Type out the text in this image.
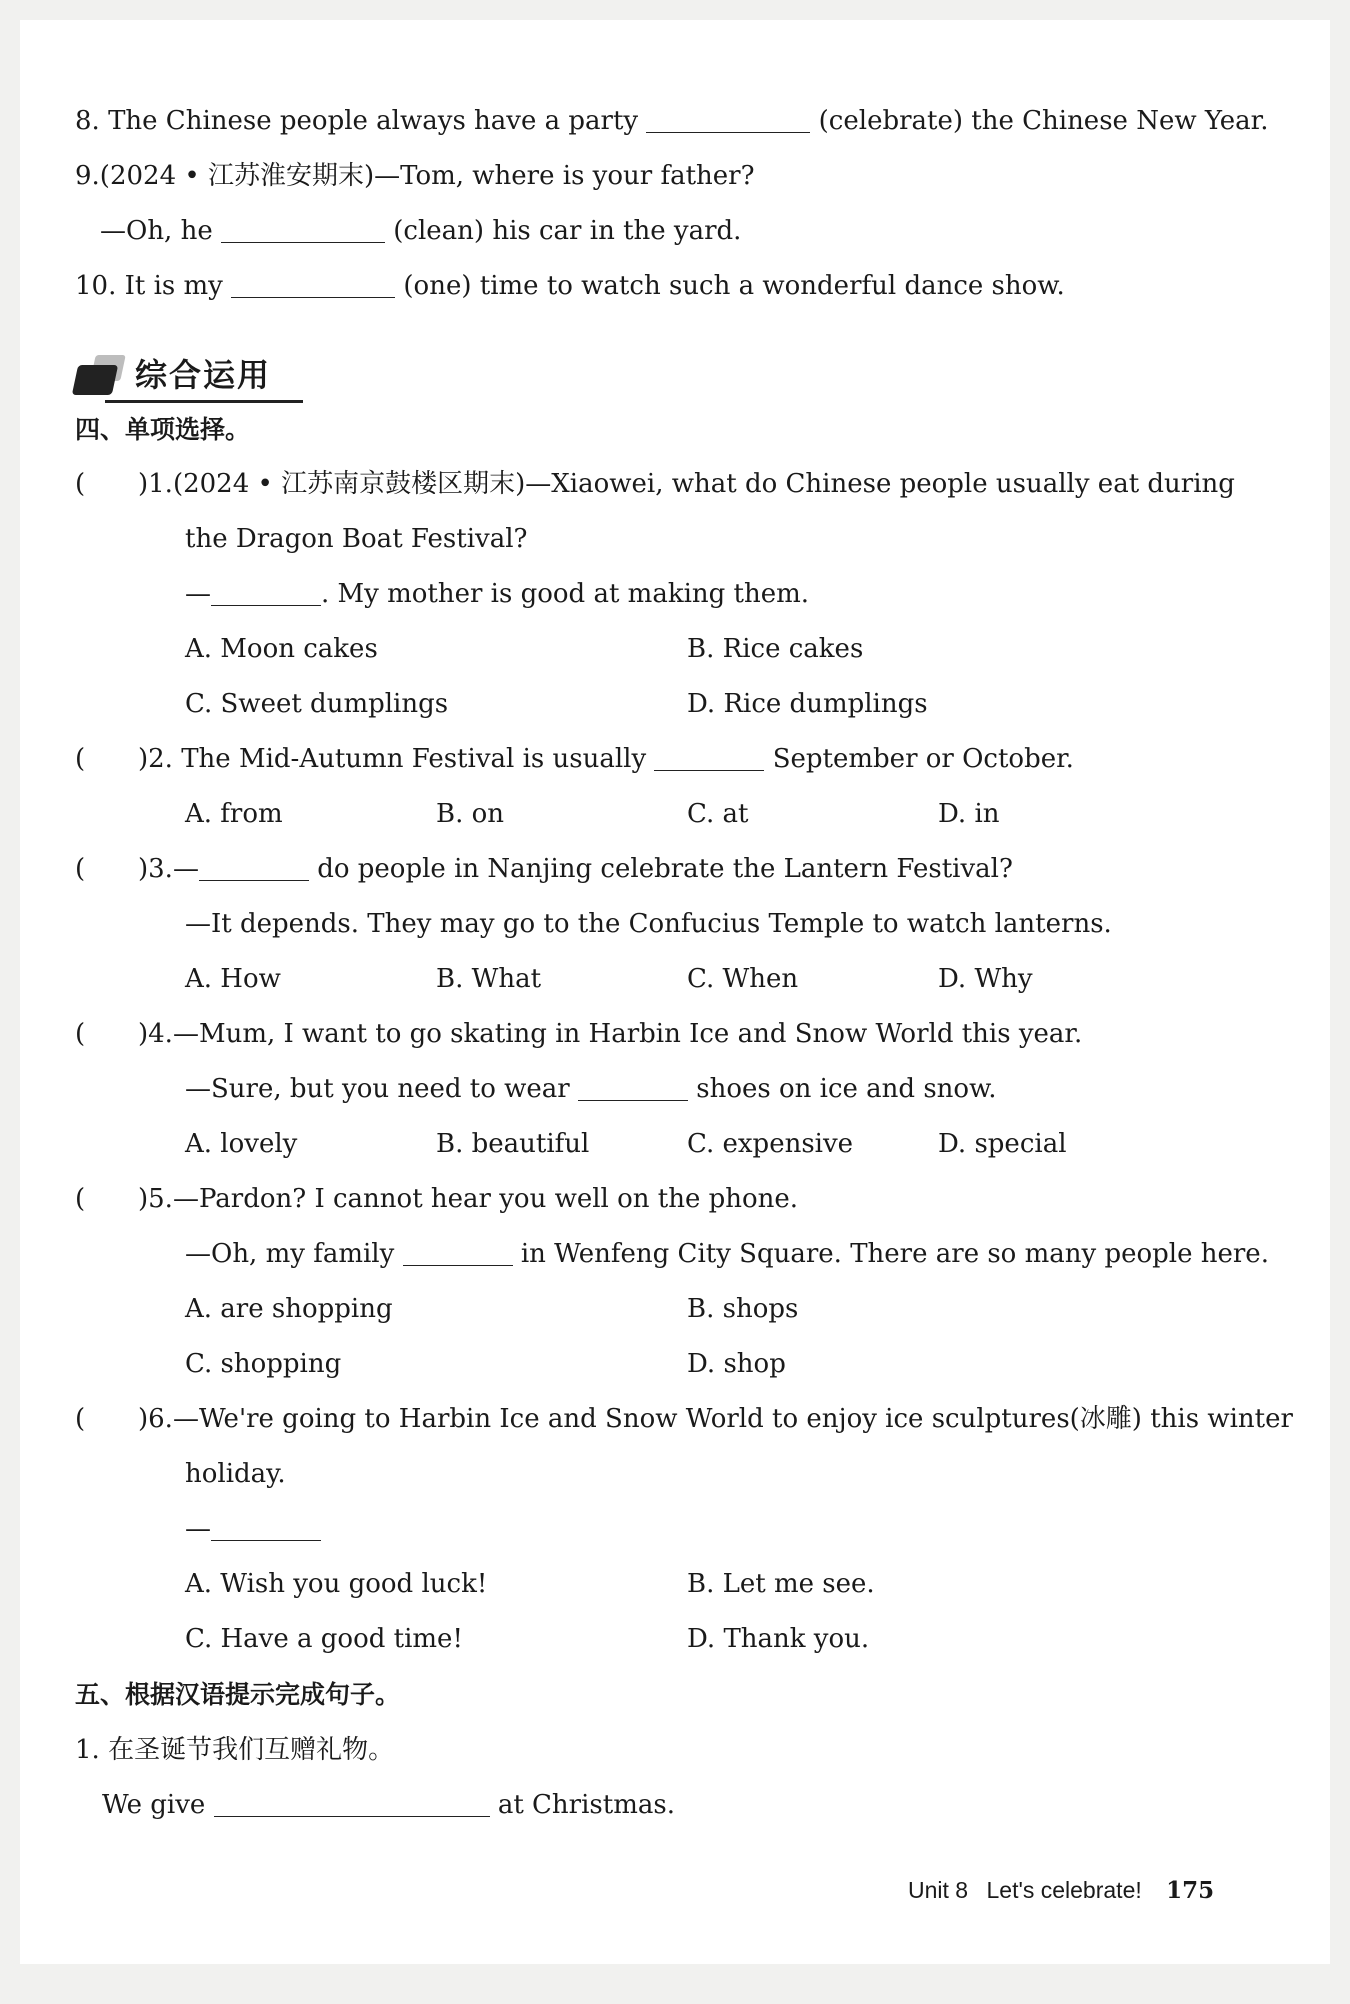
8. The Chinese people always have a party	(celebrate) the Chinese New Year.
9.(2024 • 江苏淮安期末)—Tom, where is your father?
—Oh, he	(clean) his car in the yard.
10. It is my	(one) time to watch such a wonderful dance show.
综合运用
四、单项选择。
( )1.(2024 • 江苏南京鼓楼区期末)—Xiaowei, what do Chinese people usually eat during
the Dragon Boat Festival?
—	. My mother is good at making them.
A. Moon cakes	B. Rice cakes
C. Sweet dumplings	D. Rice dumplings
( )2. The Mid-Autumn Festival is usually	September or October.
A. from	B. on	C. at	D. in
( )3.—	do people in Nanjing celebrate the Lantern Festival?
—It depends. They may go to the Confucius Temple to watch lanterns.
A. How	B. What	C. When	D. Why
( )4.—Mum, I want to go skating in Harbin Ice and Snow World this year.
—Sure, but you need to wear	shoes on ice and snow.
A. lovely	B. beautiful	C. expensive	D. special
( )5.—Pardon? I cannot hear you well on the phone.
—Oh, my family	in Wenfeng City Square. There are so many people here.
A. are shopping	B. shops
C. shopping	D. shop
( )6.—We're going to Harbin Ice and Snow World to enjoy ice sculptures(冰雕) this winter
holiday.
—
A. Wish you good luck!	B. Let me see.
C. Have a good time!	D. Thank you.
五、根据汉语提示完成句子。
1. 在圣诞节我们互赠礼物。
We give	at Christmas.
Unit 8 Let's celebrate! 175
